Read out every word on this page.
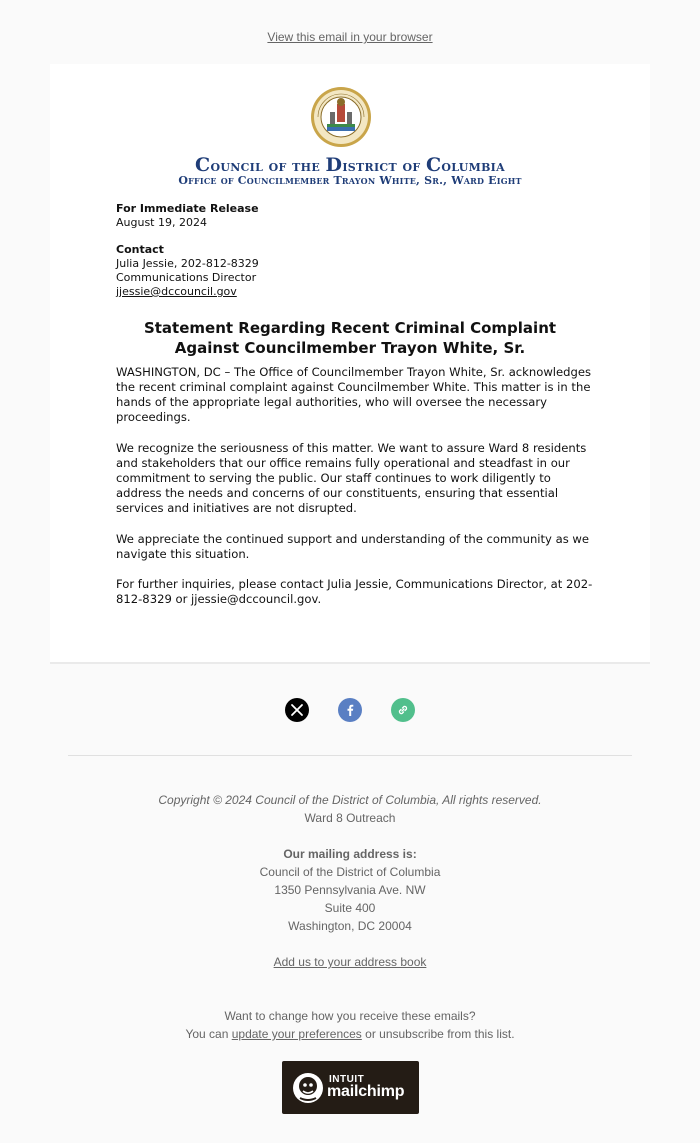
View this email in your browser
Council of the District of Columbia
Office of Councilmember Trayon White, Sr., Ward Eight
For Immediate Release
August 19, 2024
Contact
Julia Jessie, 202-812-8329
Communications Director
jjessie@dccouncil.gov
Statement Regarding Recent Criminal Complaint Against Councilmember Trayon White, Sr.
WASHINGTON, DC – The Office of Councilmember Trayon White, Sr. acknowledges the recent criminal complaint against Councilmember White. This matter is in the hands of the appropriate legal authorities, who will oversee the necessary proceedings.
We recognize the seriousness of this matter. We want to assure Ward 8 residents and stakeholders that our office remains fully operational and steadfast in our commitment to serving the public. Our staff continues to work diligently to address the needs and concerns of our constituents, ensuring that essential services and initiatives are not disrupted.
We appreciate the continued support and understanding of the community as we navigate this situation.
For further inquiries, please contact Julia Jessie, Communications Director, at 202-812-8329 or jjessie@dccouncil.gov.
Copyright © 2024 Council of the District of Columbia, All rights reserved.
Ward 8 Outreach
Our mailing address is:
Council of the District of Columbia
1350 Pennsylvania Ave. NW
Suite 400
Washington, DC 20004
Add us to your address book
Want to change how you receive these emails?
You can update your preferences or unsubscribe from this list.
INTUIT
mailchimp
